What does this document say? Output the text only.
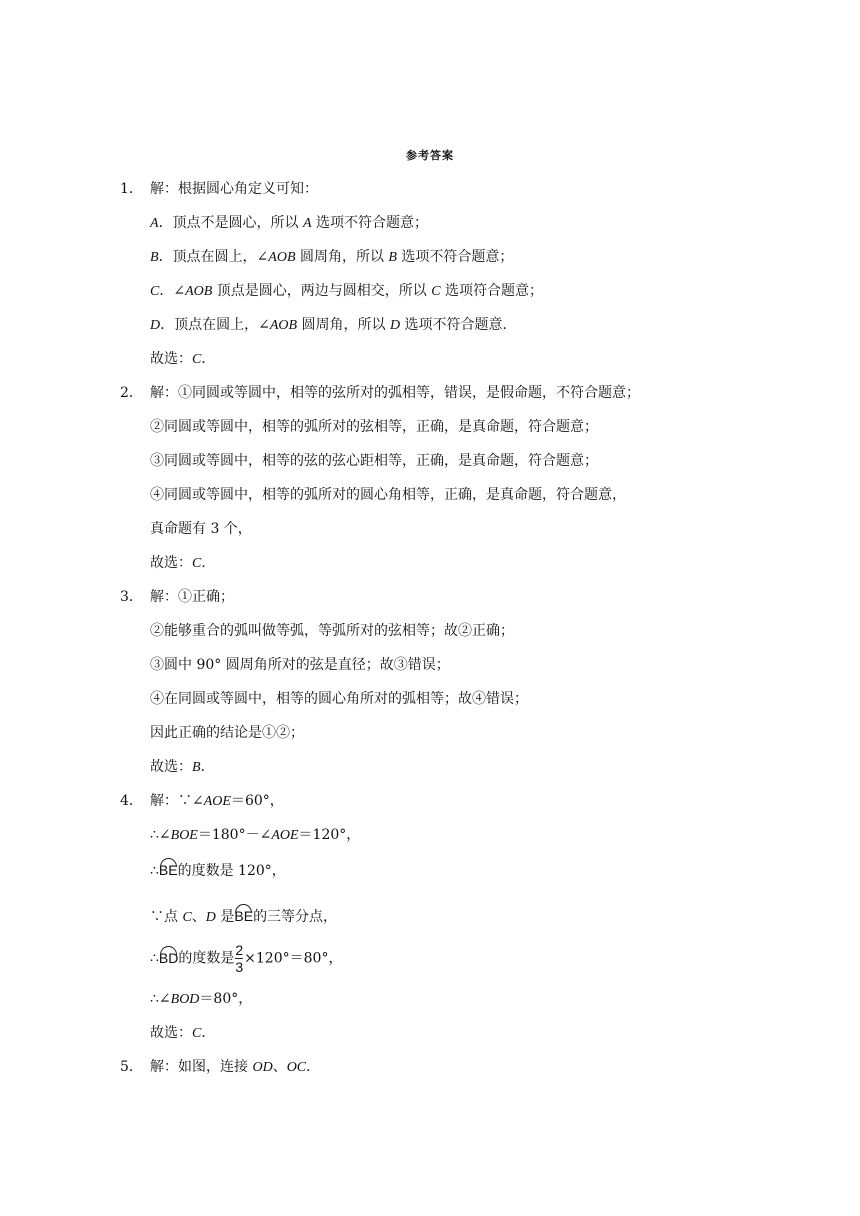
参考答案
1． 解：根据圆心角定义可知：
A．顶点不是圆心，所以 A 选项不符合题意；
B．顶点在圆上，∠AOB 圆周角，所以 B 选项不符合题意；
C．∠AOB 顶点是圆心，两边与圆相交，所以 C 选项符合题意；
D．顶点在圆上，∠AOB 圆周角，所以 D 选项不符合题意．
故选：C．
2． 解：①同圆或等圆中，相等的弦所对的弧相等，错误，是假命题，不符合题意；
②同圆或等圆中，相等的弧所对的弦相等，正确，是真命题，符合题意；
③同圆或等圆中，相等的弦的弦心距相等，正确，是真命题，符合题意；
④同圆或等圆中，相等的弧所对的圆心角相等，正确，是真命题，符合题意，
真命题有 3 个，
故选：C．
3． 解：①正确；
②能够重合的弧叫做等弧，等弧所对的弦相等；故②正确；
③圆中 90° 圆周角所对的弦是直径；故③错误；
④在同圆或等圆中，相等的圆心角所对的弧相等；故④错误；
因此正确的结论是①②；
故选：B．
4． 解：∵∠AOE＝60°，
∴∠BOE＝180°－∠AOE＝120°，
∴BE的度数是 120°，
∵点 C、D 是BE的三等分点，
∴BD的度数是 $\frac{2}{3} \times 120^\circ=80^\circ$，
∴∠BOD＝80°，
故选：C．
5． 解：如图，连接 OD、OC．
